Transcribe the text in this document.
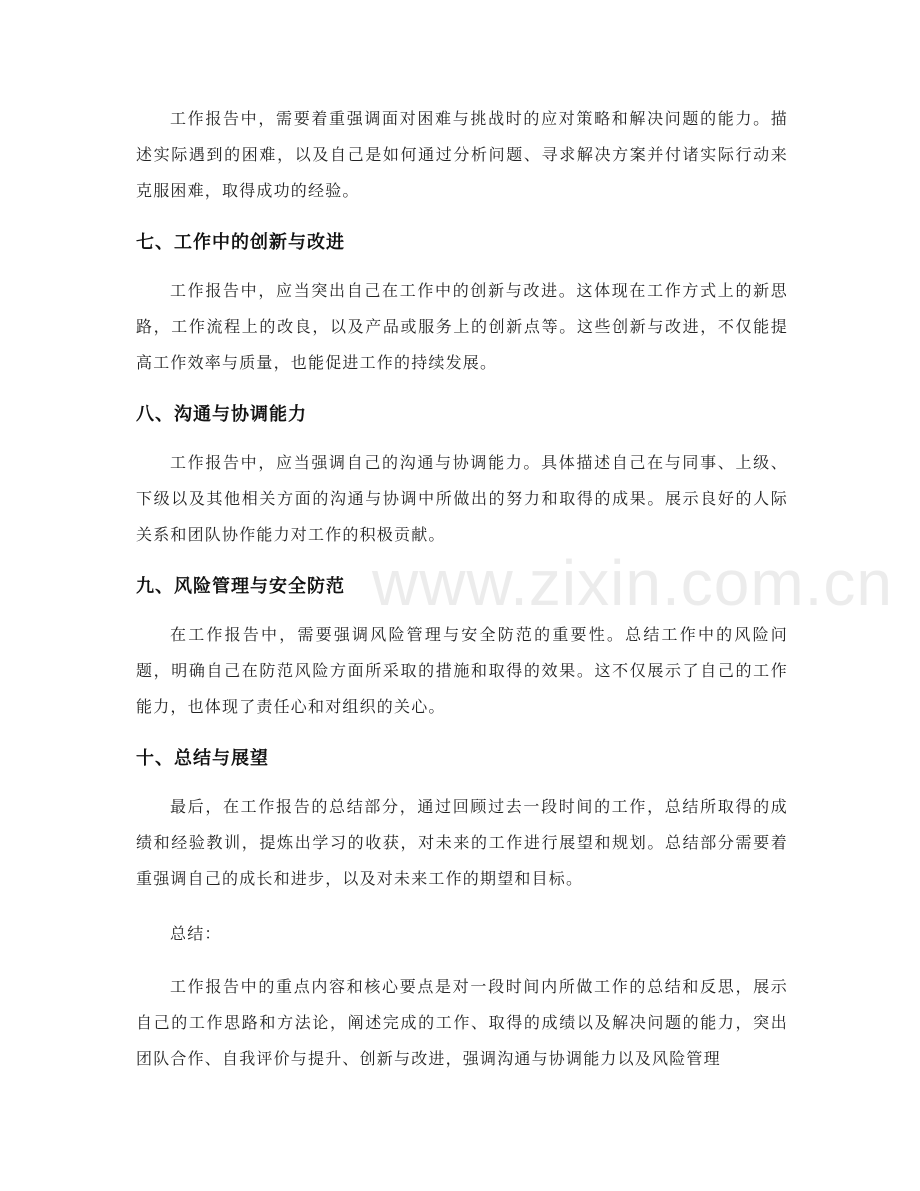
www.zixin.com.cn

工作报告中，需要着重强调面对困难与挑战时的应对策略和解决问题的能力。描述实际遇到的困难，以及自己是如何通过分析问题、寻求解决方案并付诸实际行动来克服困难，取得成功的经验。

七、工作中的创新与改进

工作报告中，应当突出自己在工作中的创新与改进。这体现在工作方式上的新思路，工作流程上的改良，以及产品或服务上的创新点等。这些创新与改进，不仅能提高工作效率与质量，也能促进工作的持续发展。

八、沟通与协调能力

工作报告中，应当强调自己的沟通与协调能力。具体描述自己在与同事、上级、下级以及其他相关方面的沟通与协调中所做出的努力和取得的成果。展示良好的人际关系和团队协作能力对工作的积极贡献。

九、风险管理与安全防范

在工作报告中，需要强调风险管理与安全防范的重要性。总结工作中的风险问题，明确自己在防范风险方面所采取的措施和取得的效果。这不仅展示了自己的工作能力，也体现了责任心和对组织的关心。

十、总结与展望

最后，在工作报告的总结部分，通过回顾过去一段时间的工作，总结所取得的成绩和经验教训，提炼出学习的收获，对未来的工作进行展望和规划。总结部分需要着重强调自己的成长和进步，以及对未来工作的期望和目标。

总结：

工作报告中的重点内容和核心要点是对一段时间内所做工作的总结和反思，展示自己的工作思路和方法论，阐述完成的工作、取得的成绩以及解决问题的能力，突出团队合作、自我评价与提升、创新与改进，强调沟通与协调能力以及风险管理
